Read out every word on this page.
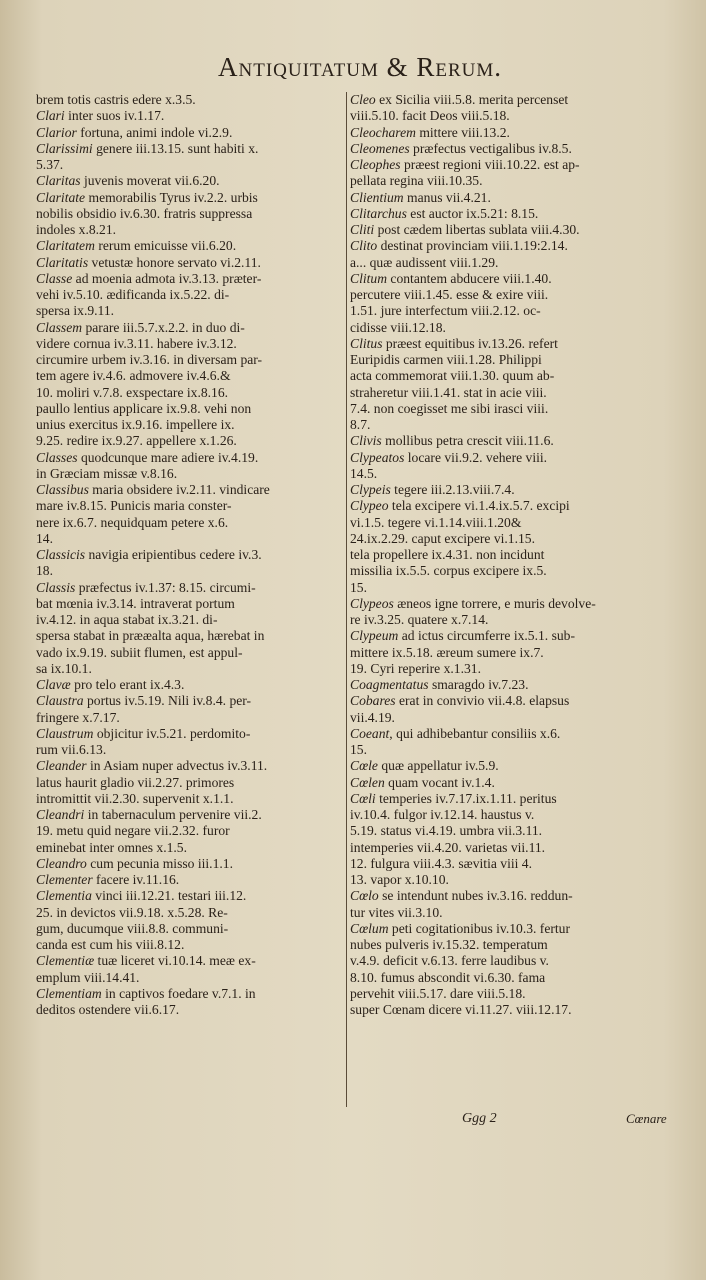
Antiquitatum & Rerum.
brem totis castris edere x.3.5.
Clari inter suos iv.1.17.
Clarior fortuna, animi indole vi.2.9.
Clarissimi genere iii.13.15. sunt habiti x.
5.37.
Claritas juvenis moverat vii.6.20.
Claritate memorabilis Tyrus iv.2.2. urbis
nobilis obsidio iv.6.30. fratris suppressa
indoles x.8.21.
Claritatem rerum emicuisse vii.6.20.
Claritatis vetustæ honore servato vi.2.11.
Classe ad moenia admota iv.3.13. præter-
vehi iv.5.10. ædificanda ix.5.22. di-
spersa ix.9.11.
Classem parare iii.5.7.x.2.2. in duo di-
videre cornua iv.3.11. habere iv.3.12.
circumire urbem iv.3.16. in diversam par-
tem agere iv.4.6. admovere iv.4.6.&
10. moliri v.7.8. exspectare ix.8.16.
paullo lentius applicare ix.9.8. vehi non
unius exercitus ix.9.16. impellere ix.
9.25. redire ix.9.27. appellere x.1.26.
Classes quodcunque mare adiere iv.4.19.
in Græciam missæ v.8.16.
Classibus maria obsidere iv.2.11. vindicare
mare iv.8.15. Punicis maria conster-
nere ix.6.7. nequidquam petere x.6.
14.
Classicis navigia eripientibus cedere iv.3.
18.
Classis præfectus iv.1.37: 8.15. circumi-
bat mœnia iv.3.14. intraverat portum
iv.4.12. in aqua stabat ix.3.21. di-
spersa stabat in prææalta aqua, hærebat in
vado ix.9.19. subiit flumen, est appul-
sa ix.10.1.
Clavæ pro telo erant ix.4.3.
Claustra portus iv.5.19. Nili iv.8.4. per-
fringere x.7.17.
Claustrum objicitur iv.5.21. perdomito-
rum vii.6.13.
Cleander in Asiam nuper advectus iv.3.11.
latus haurit gladio vii.2.27. primores
intromittit vii.2.30. supervenit x.1.1.
Cleandri in tabernaculum pervenire vii.2.
19. metu quid negare vii.2.32. furor
eminebat inter omnes x.1.5.
Cleandro cum pecunia misso iii.1.1.
Clementer facere iv.11.16.
Clementia vinci iii.12.21. testari iii.12.
25. in devictos vii.9.18. x.5.28. Re-
gum, ducumque viii.8.8. communi-
canda est cum his viii.8.12.
Clementiæ tuæ liceret vi.10.14. meæ ex-
emplum viii.14.41.
Clementiam in captivos foedare v.7.1. in
deditos ostendere vii.6.17.
Cleo ex Sicilia viii.5.8. merita percenset
viii.5.10. facit Deos viii.5.18.
Cleocharem mittere viii.13.2.
Cleomenes præfectus vectigalibus iv.8.5.
Cleophes præest regioni viii.10.22. est ap-
pellata regina viii.10.35.
Clientium manus vii.4.21.
Clitarchus est auctor ix.5.21: 8.15.
Cliti post cædem libertas sublata viii.4.30.
Clito destinat provinciam viii.1.19:2.14.
a... quæ audissent viii.1.29.
Clitum contantem abducere viii.1.40.
percutere viii.1.45. esse & exire viii.
1.51. jure interfectum viii.2.12. oc-
cidisse viii.12.18.
Clitus præest equitibus iv.13.26. refert
Euripidis carmen viii.1.28. Philippi
acta commemorat viii.1.30. quum ab-
straheretur viii.1.41. stat in acie viii.
7.4. non coegisset me sibi irasci viii.
8.7.
Clivis mollibus petra crescit viii.11.6.
Clypeatos locare vii.9.2. vehere viii.
14.5.
Clypeis tegere iii.2.13.viii.7.4.
Clypeo tela excipere vi.1.4.ix.5.7. excipi
vi.1.5. tegere vi.1.14.viii.1.20&
24.ix.2.29. caput excipere vi.1.15.
tela propellere ix.4.31. non incidunt
missilia ix.5.5. corpus excipere ix.5.
15.
Clypeos æneos igne torrere, e muris devolve-
re iv.3.25. quatere x.7.14.
Clypeum ad ictus circumferre ix.5.1. sub-
mittere ix.5.18. æreum sumere ix.7.
19. Cyri reperire x.1.31.
Coagmentatus smaragdo iv.7.23.
Cobares erat in convivio vii.4.8. elapsus
vii.4.19.
Coeant, qui adhibebantur consiliis x.6.
15.
Cœle quæ appellatur iv.5.9.
Cœlen quam vocant iv.1.4.
Cœli temperies iv.7.17.ix.1.11. peritus
iv.10.4. fulgor iv.12.14. haustus v.
5.19. status vi.4.19. umbra vii.3.11.
intemperies vii.4.20. varietas vii.11.
12. fulgura viii.4.3. sævitia viii 4.
13. vapor x.10.10.
Cœlo se intendunt nubes iv.3.16. reddun-
tur vites vii.3.10.
Cœlum peti cogitationibus iv.10.3. fertur
nubes pulveris iv.15.32. temperatum
v.4.9. deficit v.6.13. ferre laudibus v.
8.10. fumus abscondit vi.6.30. fama
pervehit viii.5.17. dare viii.5.18.
super Cœnam dicere vi.11.27. viii.12.17.
Ggg 2	Cœnare
